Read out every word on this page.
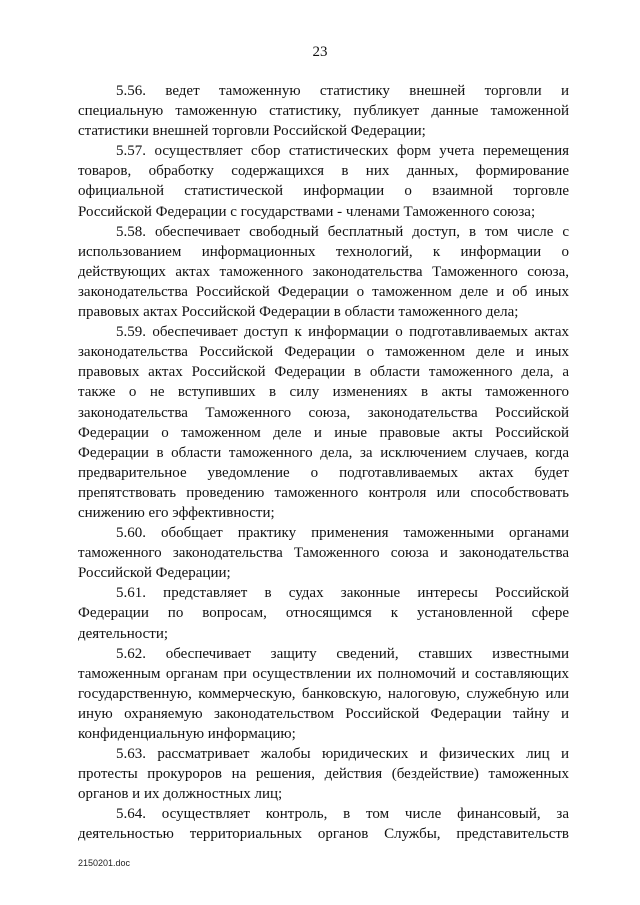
23
5.56. ведет таможенную статистику внешней торговли и
специальную таможенную статистику, публикует данные таможенной
статистики внешней торговли Российской Федерации;
5.57. осуществляет сбор статистических форм учета перемещения
товаров, обработку содержащихся в них данных, формирование
официальной статистической информации о взаимной торговле
Российской Федерации с государствами - членами Таможенного союза;
5.58. обеспечивает свободный бесплатный доступ, в том числе с
использованием информационных технологий, к информации о
действующих актах таможенного законодательства Таможенного союза,
законодательства Российской Федерации о таможенном деле и об иных
правовых актах Российской Федерации в области таможенного дела;
5.59. обеспечивает доступ к информации о подготавливаемых актах
законодательства Российской Федерации о таможенном деле и иных
правовых актах Российской Федерации в области таможенного дела, а
также о не вступивших в силу изменениях в акты таможенного
законодательства Таможенного союза, законодательства Российской
Федерации о таможенном деле и иные правовые акты Российской
Федерации в области таможенного дела, за исключением случаев, когда
предварительное уведомление о подготавливаемых актах будет
препятствовать проведению таможенного контроля или способствовать
снижению его эффективности;
5.60. обобщает практику применения таможенными органами
таможенного законодательства Таможенного союза и законодательства
Российской Федерации;
5.61. представляет в судах законные интересы Российской
Федерации по вопросам, относящимся к установленной сфере
деятельности;
5.62. обеспечивает защиту сведений, ставших известными
таможенным органам при осуществлении их полномочий и составляющих
государственную, коммерческую, банковскую, налоговую, служебную или
иную охраняемую законодательством Российской Федерации тайну и
конфиденциальную информацию;
5.63. рассматривает жалобы юридических и физических лиц и
протесты прокуроров на решения, действия (бездействие) таможенных
органов и их должностных лиц;
5.64. осуществляет контроль, в том числе финансовый, за
деятельностью территориальных органов Службы, представительств
2150201.doc
